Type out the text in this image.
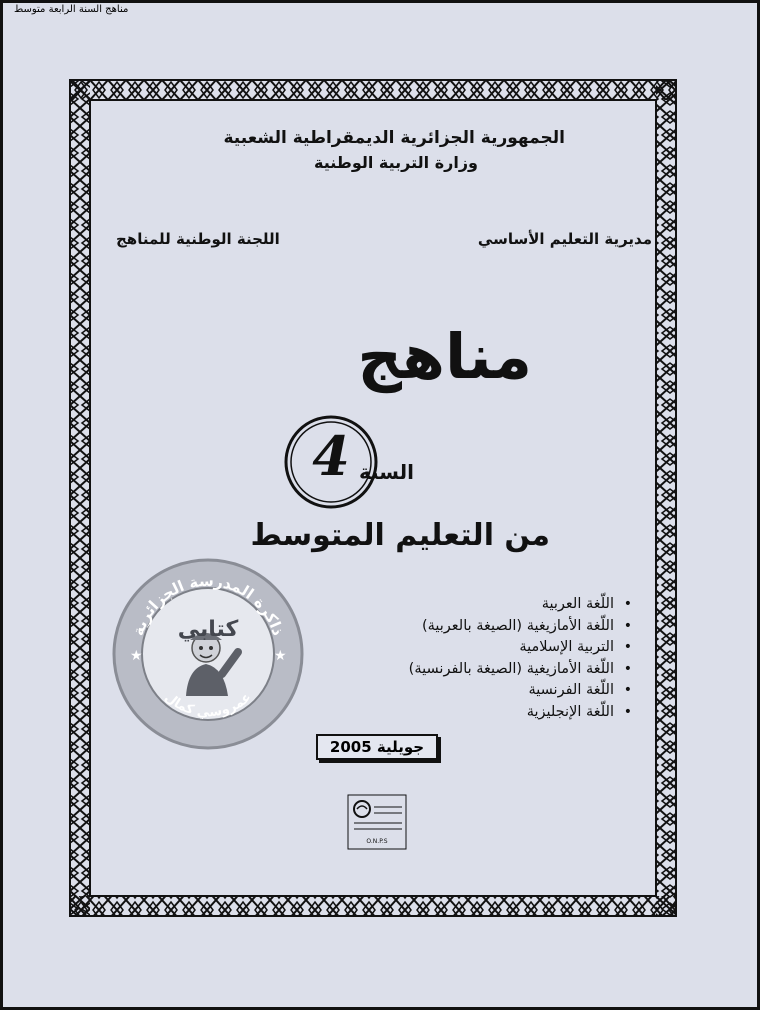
مناهج السنة الرابعة متوسط
الجمهورية الجزائرية الديمقراطية الشعبية
وزارة التربية الوطنية
مديرية التعليم الأساسي
اللجنة الوطنية للمناهج
مناهج
4 السنة
من التعليم المتوسط
• اللّغة العربية
• اللّغة الأمازيغية (الصيغة بالعربية)
• التربية الإسلامية
• اللّغة الأمازيغية (الصيغة بالفرنسية)
• اللّغة الفرنسية
• اللّغة الإنجليزية
جويلية 2005
ذاكرة المدرسة الجزائرية
عمروسي كمال
★	★
كتابي
O.N.P.S
